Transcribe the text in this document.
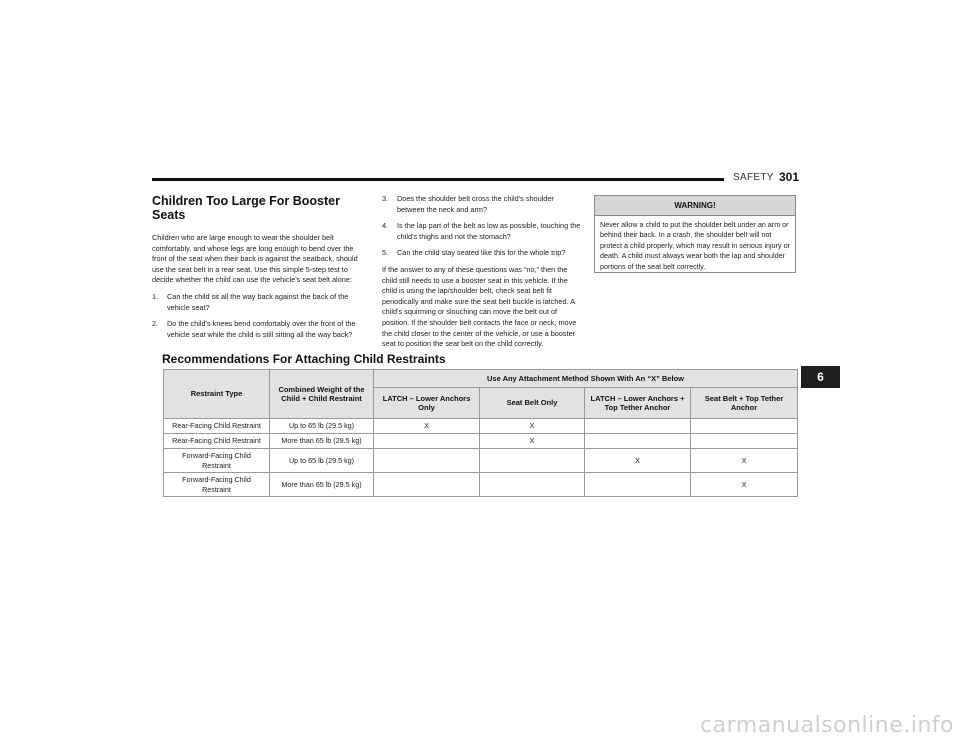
SAFETY 301
Children Too Large For Booster Seats

Children who are large enough to wear the shoulder belt comfortably, and whose legs are long enough to bend over the front of the seat when their back is against the seatback, should use the seat belt in a rear seat. Use this simple 5-step test to decide whether the child can use the vehicle’s seat belt alone:

1. Can the child sit all the way back against the back of the vehicle seat?
2. Do the child’s knees bend comfortably over the front of the vehicle seat while the child is still sitting all the way back?
3. Does the shoulder belt cross the child’s shoulder between the neck and arm?
4. Is the lap part of the belt as low as possible, touching the child’s thighs and not the stomach?
5. Can the child stay seated like this for the whole trip?

If the answer to any of these questions was “no,” then the child still needs to use a booster seat in this vehicle. If the child is using the lap/shoulder belt, check seat belt fit periodically and make sure the seat belt buckle is latched. A child’s squirming or slouching can move the belt out of position. If the shoulder belt contacts the face or neck, move the child closer to the center of the vehicle, or use a booster seat to position the seat belt on the child correctly.

WARNING!
Never allow a child to put the shoulder belt under an arm or behind their back. In a crash, the shoulder belt will not protect a child properly, which may result in serious injury or death. A child must always wear both the lap and shoulder portions of the seat belt correctly.
Recommendations For Attaching Child Restraints
Restraint Type	Combined Weight of the Child + Child Restraint	Use Any Attachment Method Shown With An “X” Below			
		LATCH – Lower Anchors Only	Seat Belt Only	LATCH – Lower Anchors + Top Tether Anchor	Seat Belt + Top Tether Anchor
Rear-Facing Child Restraint	Up to 65 lb (29.5 kg)	X	X		
Rear-Facing Child Restraint	More than 65 lb (29.5 kg)		X		
Forward-Facing Child Restraint	Up to 65 lb (29.5 kg)			X	X
Forward-Facing Child Restraint	More than 65 lb (29.5 kg)				X
6
carmanualsonline.info
